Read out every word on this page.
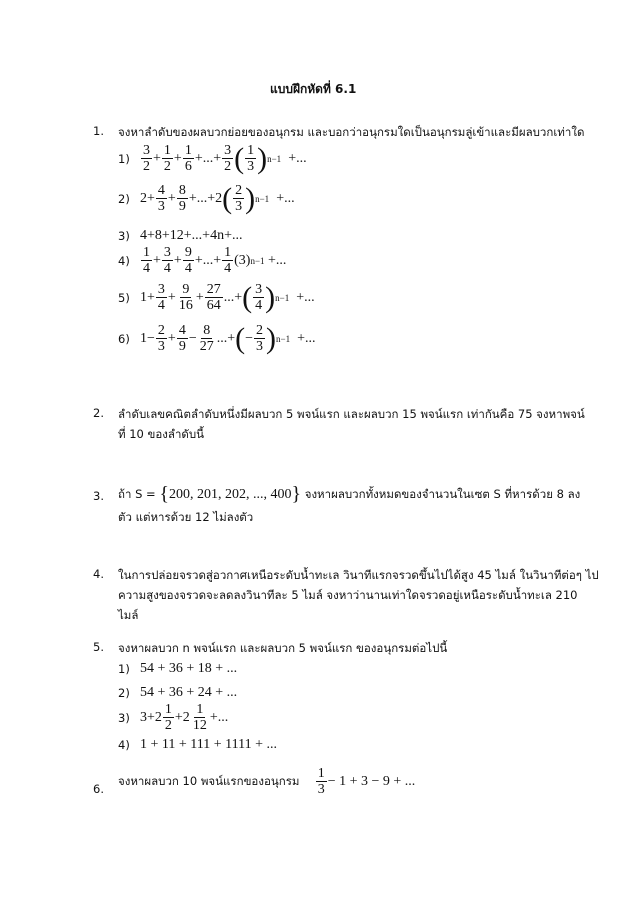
แบบฝึกหัดที่ 6.1
1. จงหาลำดับของผลบวกย่อยของอนุกรม และบอกว่าอนุกรมใดเป็นอนุกรมลู่เข้าและมีผลบวกเท่าใด
$1) \frac{3}{2} + \frac{1}{2} + \frac{1}{6}$ +...+ $\frac{3}{2}$ ( $\frac{1}{3}$ ) n−1 +...
2) $2+ \frac{4}{3} + \frac{8}{9} +...+2$ ( $\frac{2}{3}$ ) n−1 +...
3) 4+8+12+...+4n+...
$4) \frac{1}{4} + \frac{3}{4} + \frac{9}{4}$ +...+ $\frac{1}{4} (3)$ n−1 +...
5) $1+ \frac{3}{4} + \frac{9}{16} + \frac{27}{64}$ ...+ ( $\frac{3}{4}$ ) n−1 +...
6) $1- \frac{2}{3} + \frac{4}{9} - \frac{8}{27}$ ...+ ( − $\frac{2}{3}$ ) n−1 +...
2. ลำดับเลขคณิตลำดับหนึ่งมีผลบวก 5 พจน์แรก และผลบวก 15 พจน์แรก เท่ากันคือ 75 จงหาพจน์
ที่ 10 ของลำดับนี้
3. ถ้า S = {200, 201, 202, ..., 400} จงหาผลบวกทั้งหมดของจำนวนในเซต S ที่หารด้วย 8 ลง
ตัว แต่หารด้วย 12 ไม่ลงตัว
4. ในการปล่อยจรวดสู่อวกาศเหนือระดับน้ำทะเล วินาทีแรกจรวดขึ้นไปได้สูง 45 ไมล์ ในวินาทีต่อๆ ไป
ความสูงของจรวดจะลดลงวินาทีละ 5 ไมล์ จงหาว่านานเท่าใดจรวดอยู่เหนือระดับน้ำทะเล 210
ไมล์
5. จงหาผลบวก n พจน์แรก และผลบวก 5 พจน์แรก ของอนุกรมต่อไปนี้
1) 54 + 36 + 18 + ...
2) 54 + 36 + 24 + ...
3) $3+2 \frac{1}{2} +2 \frac{1}{12}$ +...
4) 1 + 11 + 111 + 1111 + ...
6.
จงหาผลบวก 10 พจน์แรกของอนุกรม
$\frac{1}{3} - 1 + 3 - 9$ + ...
